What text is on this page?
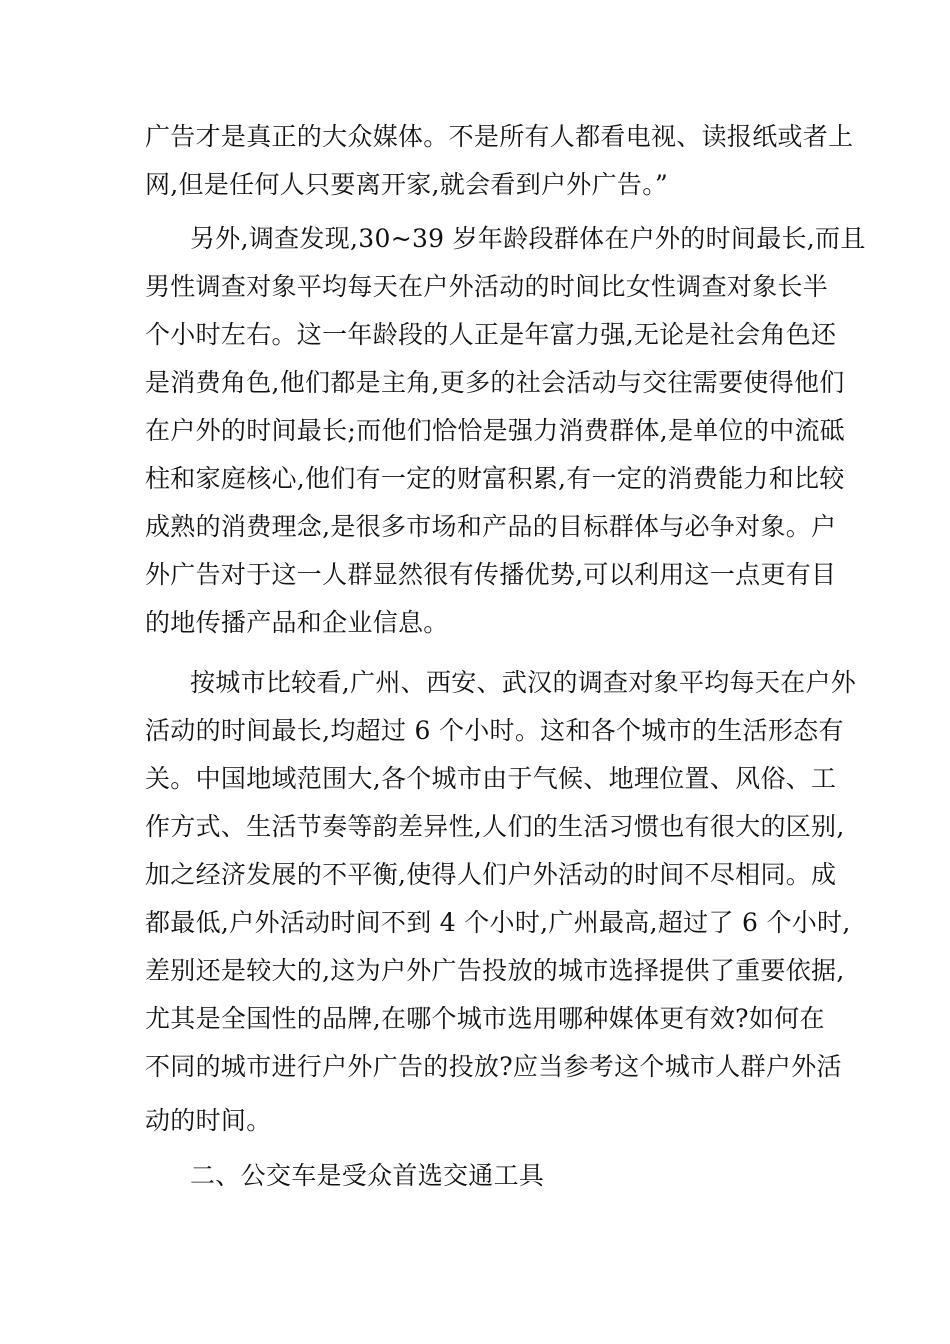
广告才是真正的大众媒体。不是所有人都看电视、读报纸或者上
网,但是任何人只要离开家,就会看到户外广告。”
另外,调查发现,30~39 岁年龄段群体在户外的时间最长,而且
男性调查对象平均每天在户外活动的时间比女性调查对象长半
个小时左右。这一年龄段的人正是年富力强,无论是社会角色还
是消费角色,他们都是主角,更多的社会活动与交往需要使得他们
在户外的时间最长;而他们恰恰是强力消费群体,是单位的中流砥
柱和家庭核心,他们有一定的财富积累,有一定的消费能力和比较
成熟的消费理念,是很多市场和产品的目标群体与必争对象。户
外广告对于这一人群显然很有传播优势,可以利用这一点更有目
的地传播产品和企业信息。
按城市比较看,广州、西安、武汉的调查对象平均每天在户外
活动的时间最长,均超过 6 个小时。这和各个城市的生活形态有
关。中国地域范围大,各个城市由于气候、地理位置、风俗、工
作方式、生活节奏等韵差异性,人们的生活习惯也有很大的区别,
加之经济发展的不平衡,使得人们户外活动的时间不尽相同。成
都最低,户外活动时间不到 4 个小时,广州最高,超过了 6 个小时,
差别还是较大的,这为户外广告投放的城市选择提供了重要依据,
尤其是全国性的品牌,在哪个城市选用哪种媒体更有效?如何在
不同的城市进行户外广告的投放?应当参考这个城市人群户外活
动的时间。
二、公交车是受众首选交通工具
